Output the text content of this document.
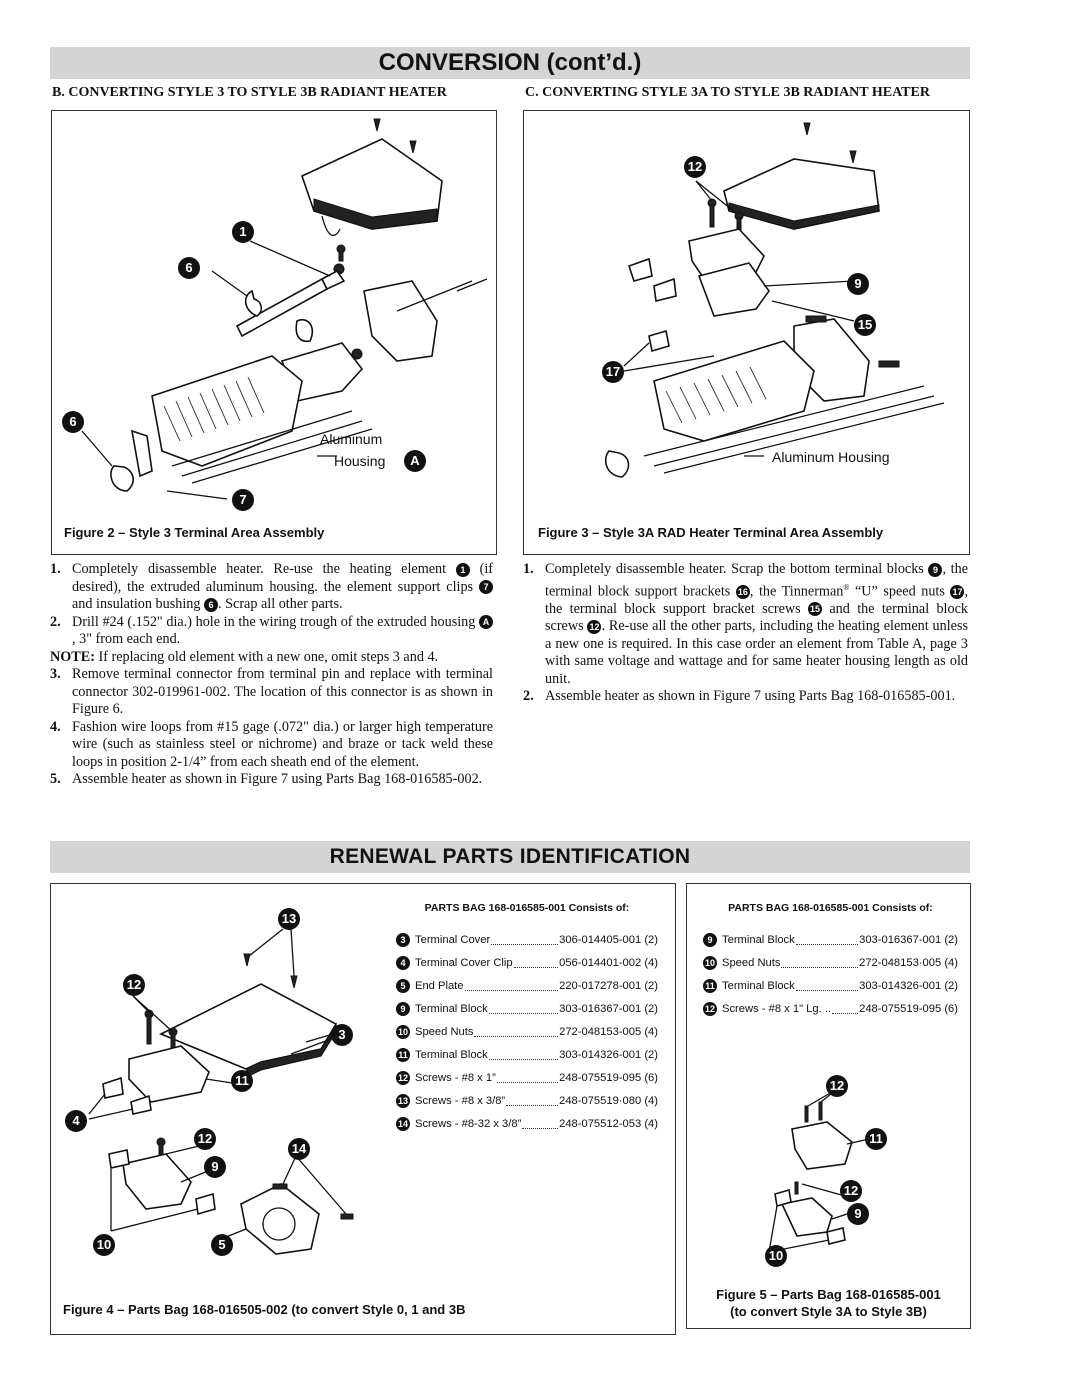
CONVERSION (cont’d.)
B. CONVERTING STYLE 3 TO STYLE 3B RADIANT HEATER	C. CONVERTING STYLE 3A TO STYLE 3B RADIANT HEATER
1
6
6
7
Aluminum
Housing	A
Figure 2 – Style 3 Terminal Area Assembly
12
9
15
17
Aluminum Housing
Figure 3 – Style 3A RAD Heater Terminal Area Assembly
1. Completely disassemble heater. Re-use the heating element 1 (if desired), the extruded aluminum housing. the element support clips 7 and insulation bushing 6 . Scrap all other parts.
2. Drill #24 (.152" dia.) hole in the wiring trough of the extruded housing A, 3" from each end.

NOTE: If replacing old element with a new one, omit steps 3 and 4.

3. Remove terminal connector from terminal pin and replace with terminal connector 302-019961-002. The location of this connector is as shown in Figure 6.
4. Fashion wire loops from #15 gage (.072" dia.) or larger high temperature wire (such as stainless steel or nichrome) and braze or tack weld these loops in position 2-1/4” from each sheath end of the element.
5. Assemble heater as shown in Figure 7 using Parts Bag 168-016585-002.
1. Completely disassemble heater. Scrap the bottom terminal blocks 9 , the terminal block support brackets 16 , the Tinnerman® “U” speed nuts 17 , the terminal block support bracket screws 15 and the terminal block screws 12 . Re-use all the other parts, including the heating element unless a new one is required. In this case order an element from Table A, page 3 with same voltage and wattage and for same heater housing length as old unit.
2. Assemble heater as shown in Figure 7 using Parts Bag 168-016585-001.
RENEWAL PARTS IDENTIFICATION
13
12
3
11
4
12
14
9
10	5
PARTS BAG 168-016585-001 Consists of:
3 Terminal Cover	306-014405-001 (2)
4 Terminal Cover Clip	056-014401-002 (4)
5 End Plate	220-017278-001 (2)
9 Terminal Block	303-016367-001 (2)
10 Speed Nuts	272-048153-005 (4)
11 Terminal Block	303-014326-001 (2)
12 Screws - #8 x 1”	248-075519-095 (6)
13 Screws - #8 x 3/8”	248-075519·080 (4)
14 Screws - #8-32 x 3/8”	248-075512-053 (4)
Figure 4 – Parts Bag 168-016505-002 (to convert Style 0, 1 and 3B
PARTS BAG 168-016585-001 Consists of:
9 Terminal Block	303-016367-001 (2)
10 Speed Nuts	272-048153·005 (4)
11 Terminal Block	303-014326-001 (2)
12 Screws - #8 x 1" Lg. ..	248-075519-095 (6)
12
11
12
9
10
Figure 5 – Parts Bag 168-016585-001
(to convert Style 3A to Style 3B)
